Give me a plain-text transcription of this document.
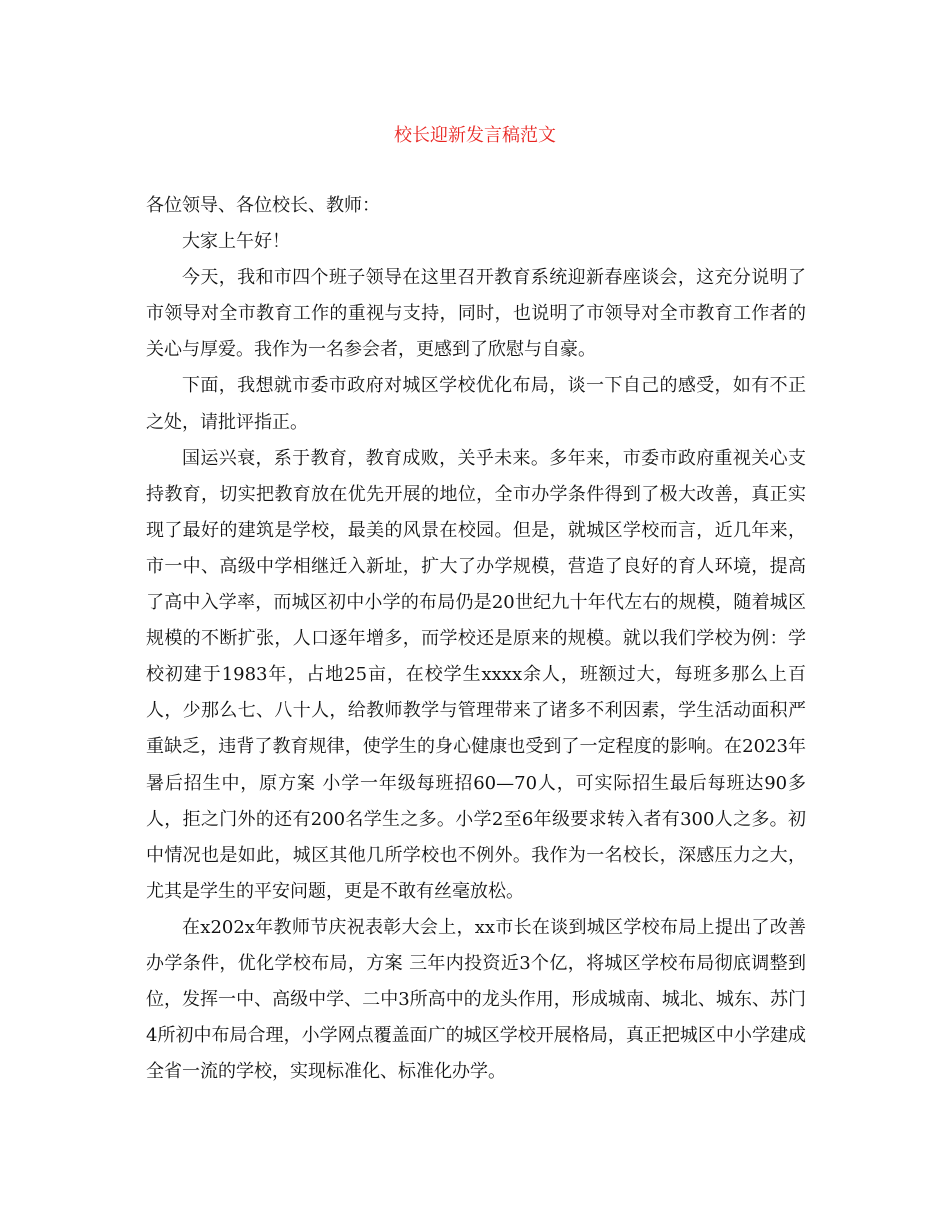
校长迎新发言稿范文

各位领导、各位校长、教师：

大家上午好！

今天，我和市四个班子领导在这里召开教育系统迎新春座谈会，这充分说明了市领导对全市教育工作的重视与支持，同时，也说明了市领导对全市教育工作者的关心与厚爱。我作为一名参会者，更感到了欣慰与自豪。

下面，我想就市委市政府对城区学校优化布局，谈一下自己的感受，如有不正之处，请批评指正。

国运兴衰，系于教育，教育成败，关乎未来。多年来，市委市政府重视关心支持教育，切实把教育放在优先开展的地位，全市办学条件得到了极大改善，真正实现了最好的建筑是学校，最美的风景在校园。但是，就城区学校而言，近几年来，市一中、高级中学相继迁入新址，扩大了办学规模，营造了良好的育人环境，提高了高中入学率，而城区初中小学的布局仍是20世纪九十年代左右的规模，随着城区规模的不断扩张，人口逐年增多，而学校还是原来的规模。就以我们学校为例：学校初建于1983年，占地25亩，在校学生xxxx余人，班额过大，每班多那么上百人，少那么七、八十人，给教师教学与管理带来了诸多不利因素，学生活动面积严重缺乏，违背了教育规律，使学生的身心健康也受到了一定程度的影响。在2023年暑后招生中，原方案 小学一年级每班招60—70人，可实际招生最后每班达90多人，拒之门外的还有200名学生之多。小学2至6年级要求转入者有300人之多。初中情况也是如此，城区其他几所学校也不例外。我作为一名校长，深感压力之大，尤其是学生的平安问题，更是不敢有丝毫放松。

在x202x年教师节庆祝表彰大会上，xx市长在谈到城区学校布局上提出了改善办学条件，优化学校布局，方案 三年内投资近3个亿，将城区学校布局彻底调整到位，发挥一中、高级中学、二中3所高中的龙头作用，形成城南、城北、城东、苏门4所初中布局合理，小学网点覆盖面广的城区学校开展格局，真正把城区中小学建成全省一流的学校，实现标准化、标准化办学。
